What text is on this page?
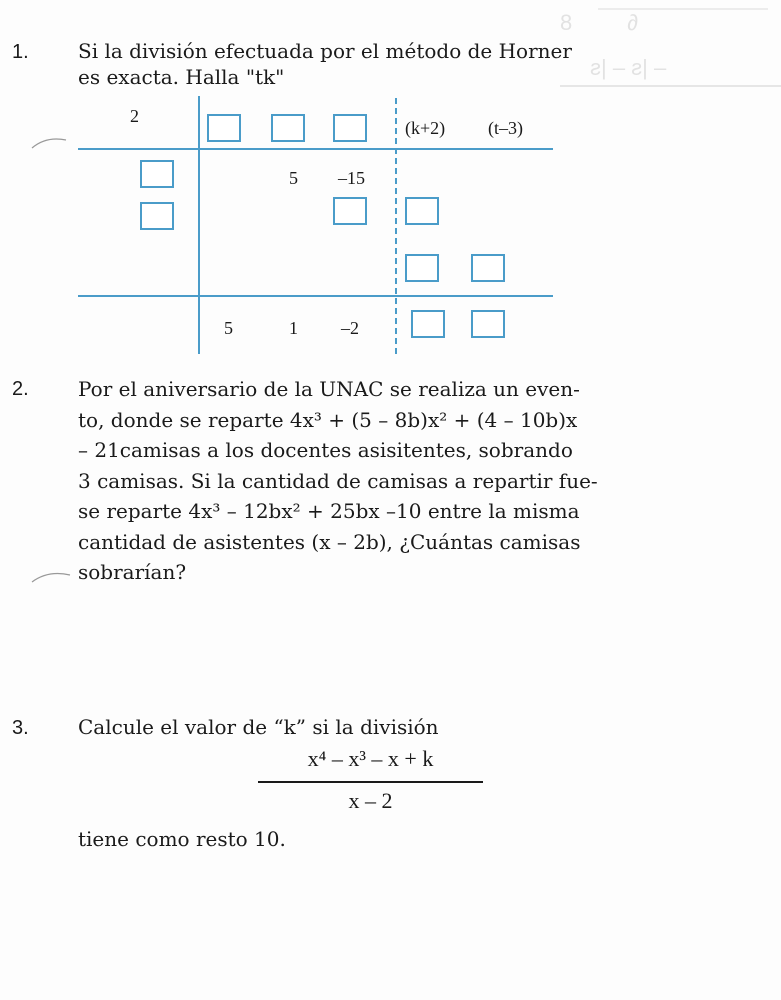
8         ∂
ƨ| – ƨ| –
1. Si la división efectuada por el método de Horner
es exacta. Halla "tk"
2
(k+2) (t–3)
5 –15
5	1 –2
2. Por el aniversario de la UNAC se realiza un even-
to, donde se reparte 4x³ + (5 – 8b)x² + (4 – 10b)x
– 21camisas a los docentes asisitentes, sobrando
3 camisas. Si la cantidad de camisas a repartir fue-
se reparte 4x³ – 12bx² + 25bx –10 entre la misma
cantidad de asistentes (x – 2b), ¿Cuántas camisas
sobrarían?
3. Calcule el valor de “k” si la división
x⁴ – x³ – x + k
x – 2
tiene como resto 10.
